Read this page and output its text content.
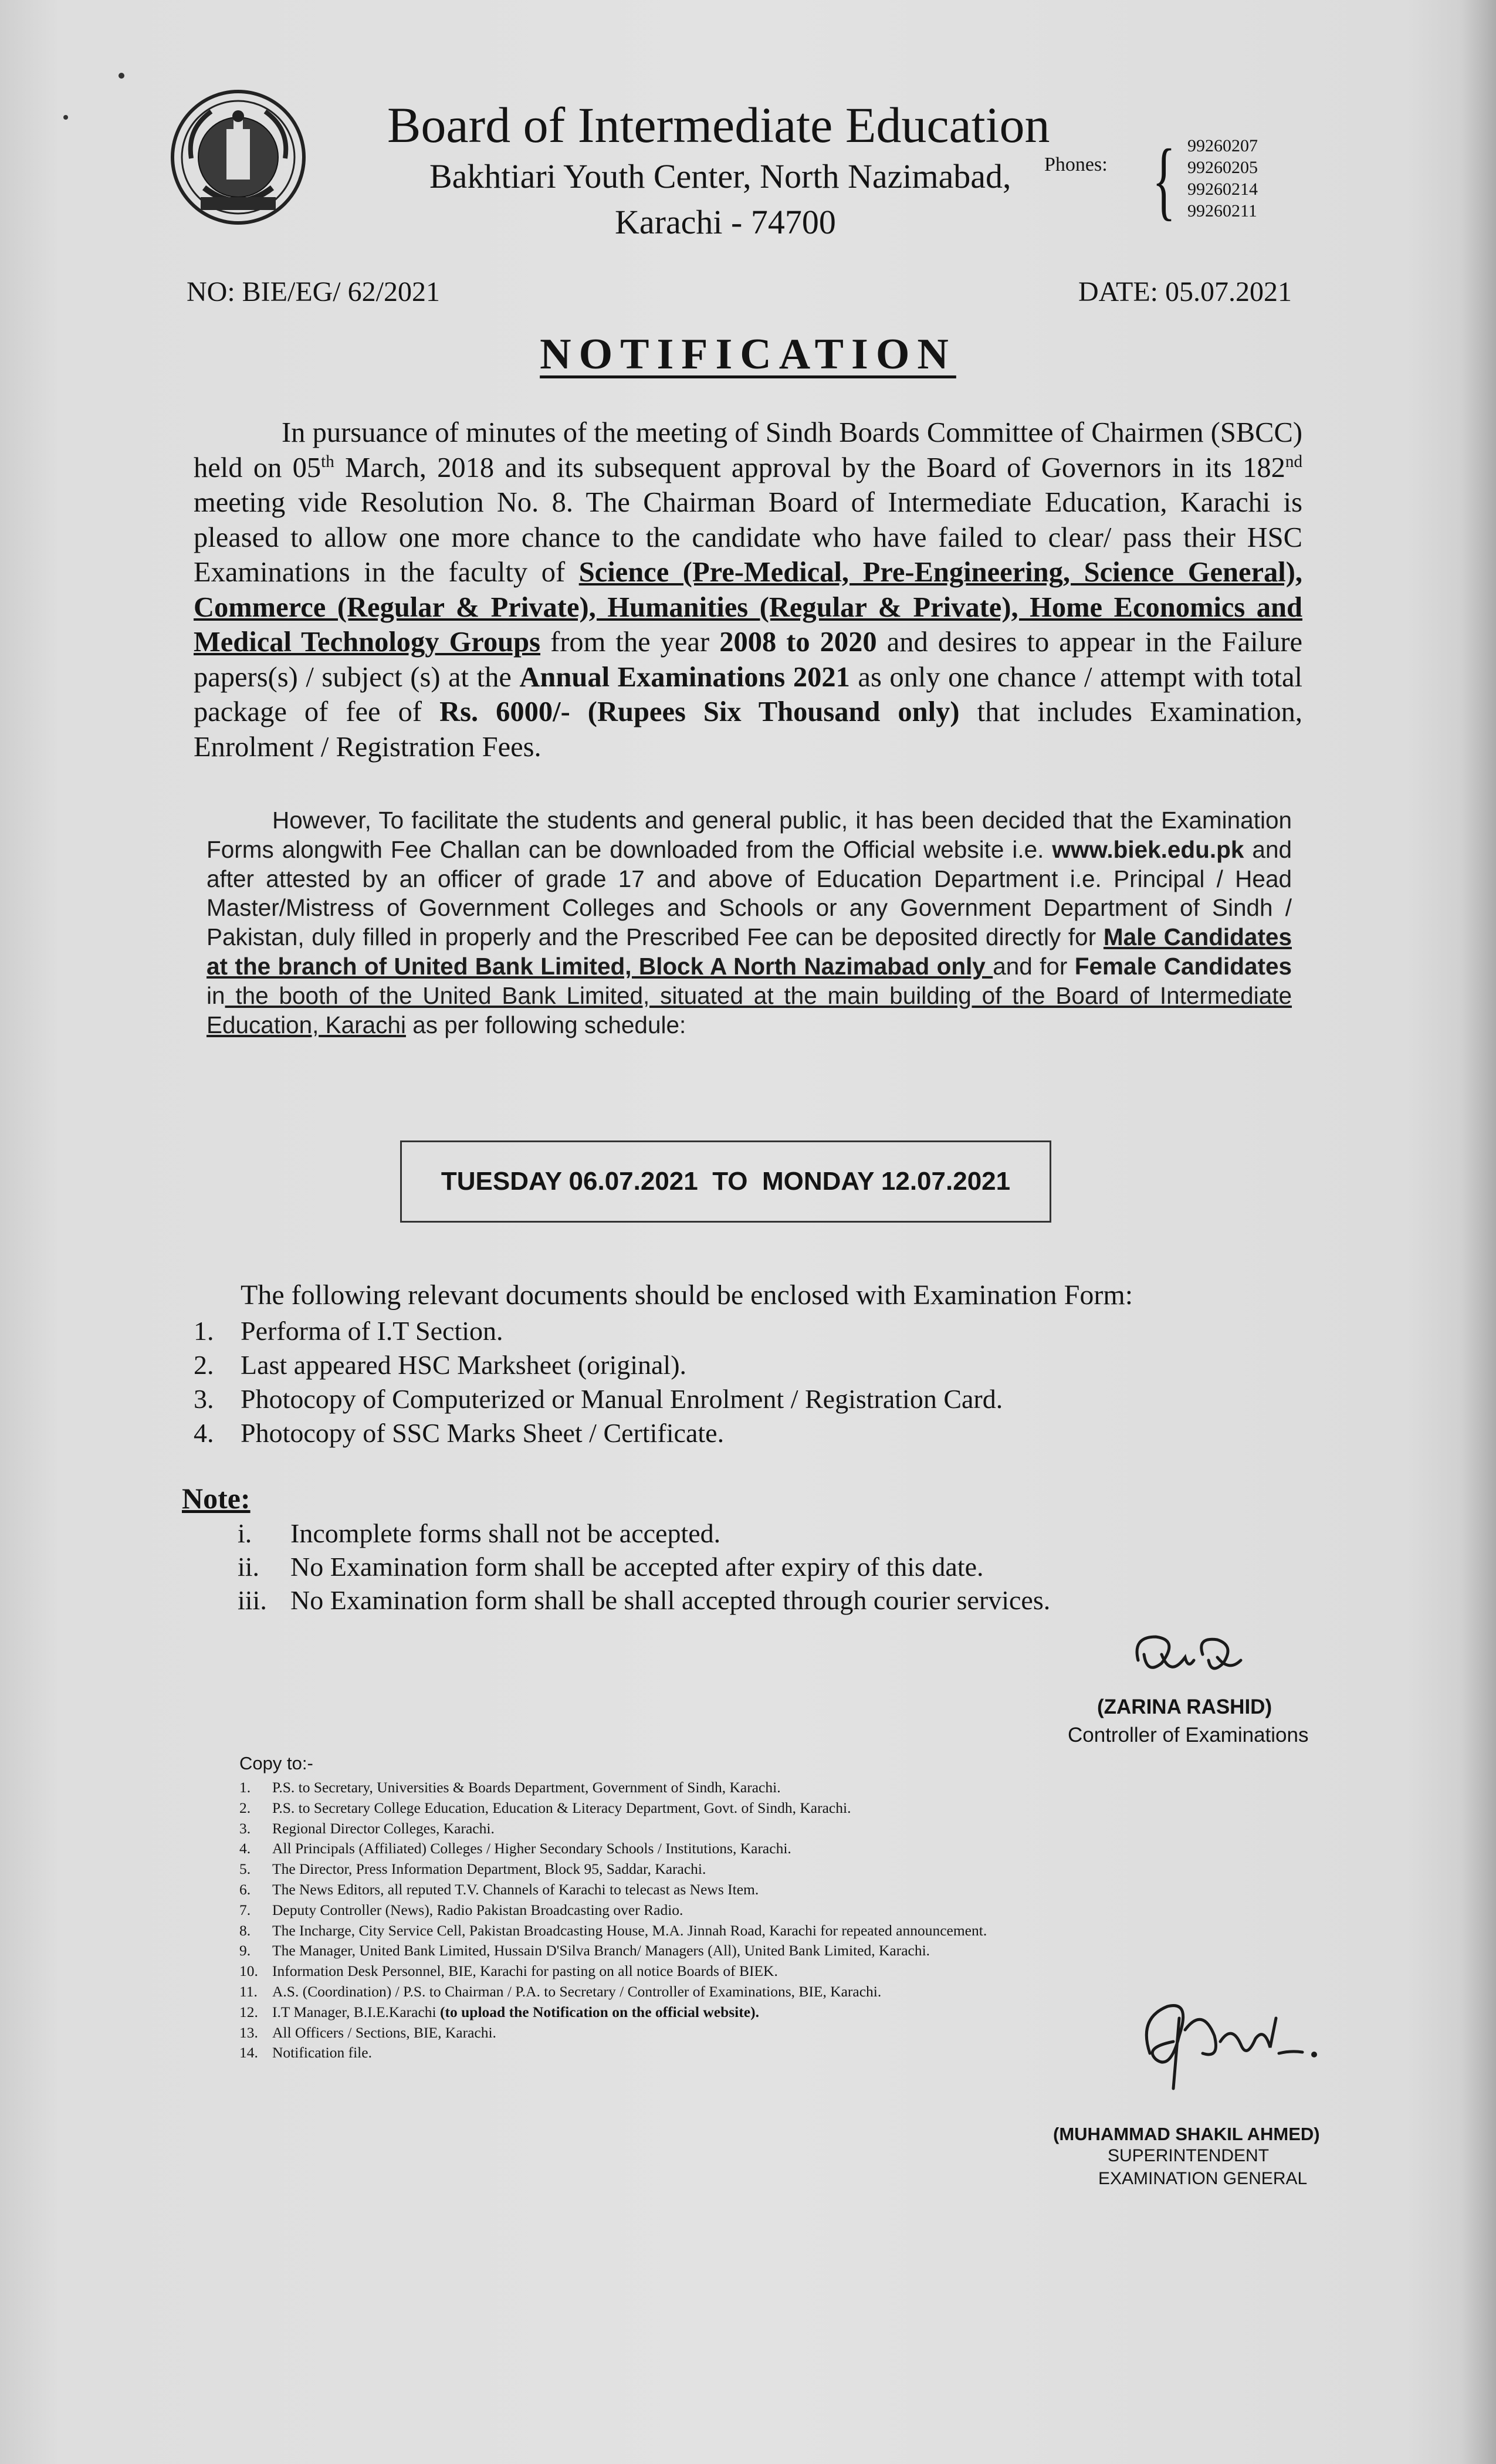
Board of Intermediate Education
Bakhtiari Youth Center, North Nazimabad,
Karachi - 74700
Phones: { 99260207
99260205
99260214
99260211
NO: BIE/EG/ 62/2021	DATE: 05.07.2021
NOTIFICATION
In pursuance of minutes of the meeting of Sindh Boards Committee of Chairmen (SBCC) held on 05th March, 2018 and its subsequent approval by the Board of Governors in its 182nd meeting vide Resolution No. 8. The Chairman Board of Intermediate Education, Karachi is pleased to allow one more chance to the candidate who have failed to clear/ pass their HSC Examinations in the faculty of Science (Pre-Medical, Pre-Engineering, Science General), Commerce (Regular & Private), Humanities (Regular & Private), Home Economics and Medical Technology Groups from the year 2008 to 2020 and desires to appear in the Failure papers(s) / subject (s) at the Annual Examinations 2021 as only one chance / attempt with total package of fee of Rs. 6000/- (Rupees Six Thousand only) that includes Examination, Enrolment / Registration Fees.
However, To facilitate the students and general public, it has been decided that the Examination Forms alongwith Fee Challan can be downloaded from the Official website i.e. www.biek.edu.pk and after attested by an officer of grade 17 and above of Education Department i.e. Principal / Head Master/Mistress of Government Colleges and Schools or any Government Department of Sindh / Pakistan, duly filled in properly and the Prescribed Fee can be deposited directly for Male Candidates at the branch of United Bank Limited, Block A North Nazimabad only and for Female Candidates in the booth of the United Bank Limited, situated at the main building of the Board of Intermediate Education, Karachi as per following schedule:
TUESDAY 06.07.2021  TO  MONDAY 12.07.2021
The following relevant documents should be enclosed with Examination Form:
1. Performa of I.T Section.
2. Last appeared HSC Marksheet (original).
3. Photocopy of Computerized or Manual Enrolment / Registration Card.
4. Photocopy of SSC Marks Sheet / Certificate.
Note:
i. Incomplete forms shall not be accepted.
ii. No Examination form shall be accepted after expiry of this date.
iii. No Examination form shall be shall accepted through courier services.
(ZARINA RASHID)
Controller of Examinations
Copy to:-
1. P.S. to Secretary, Universities & Boards Department, Government of Sindh, Karachi.
2. P.S. to Secretary College Education, Education & Literacy Department, Govt. of Sindh, Karachi.
3. Regional Director Colleges, Karachi.
4. All Principals (Affiliated) Colleges / Higher Secondary Schools / Institutions, Karachi.
5. The Director, Press Information Department, Block 95, Saddar, Karachi.
6. The News Editors, all reputed T.V. Channels of Karachi to telecast as News Item.
7. Deputy Controller (News), Radio Pakistan Broadcasting over Radio.
8. The Incharge, City Service Cell, Pakistan Broadcasting House, M.A. Jinnah Road, Karachi for repeated announcement.
9. The Manager, United Bank Limited, Hussain D'Silva Branch/ Managers (All), United Bank Limited, Karachi.
10. Information Desk Personnel, BIE, Karachi for pasting on all notice Boards of BIEK.
11. A.S. (Coordination) / P.S. to Chairman / P.A. to Secretary / Controller of Examinations, BIE, Karachi.
12. I.T Manager, B.I.E.Karachi (to upload the Notification on the official website).
13. All Officers / Sections, BIE, Karachi.
14. Notification file.
(MUHAMMAD SHAKIL AHMED)
SUPERINTENDENT
EXAMINATION GENERAL
